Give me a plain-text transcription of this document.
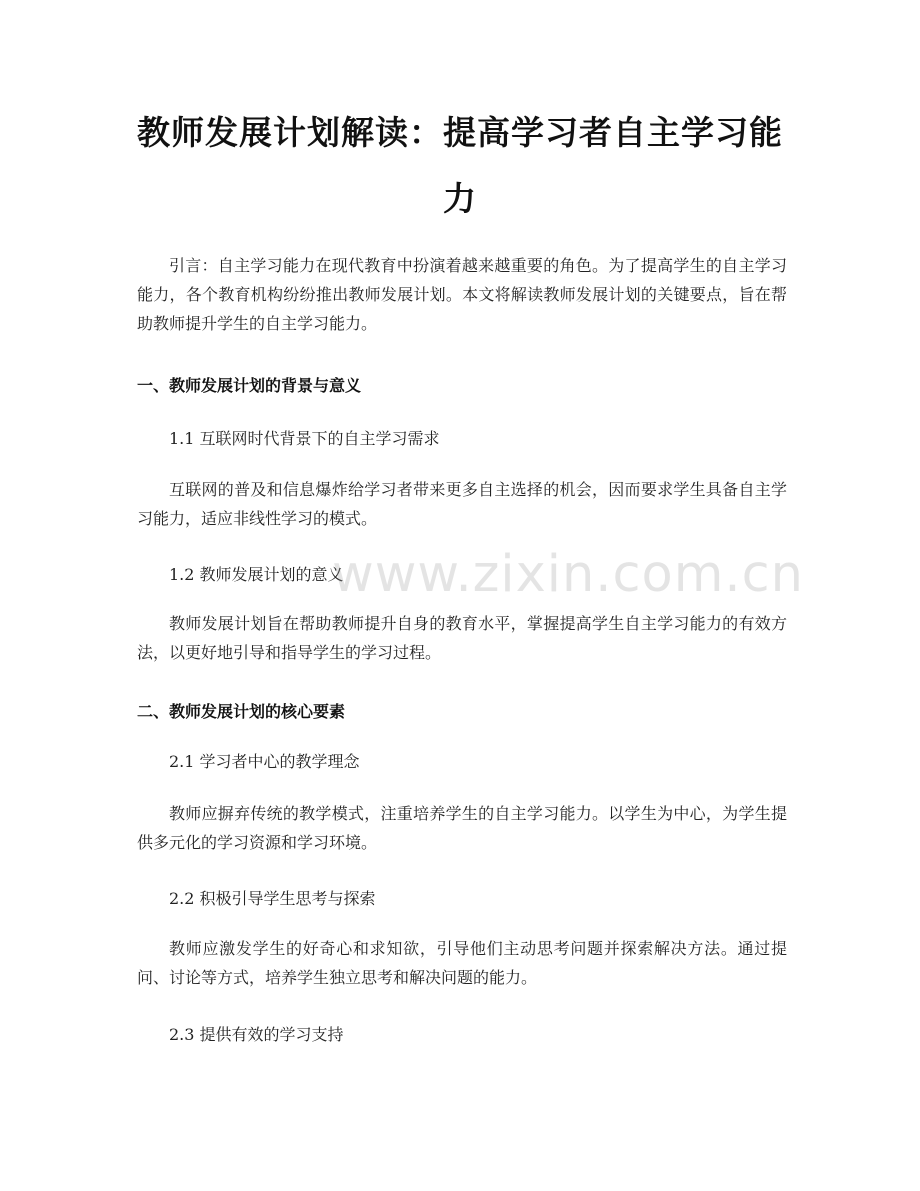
教师发展计划解读：提高学习者自主学习能力

引言：自主学习能力在现代教育中扮演着越来越重要的角色。为了提高学生的自主学习能力，各个教育机构纷纷推出教师发展计划。本文将解读教师发展计划的关键要点，旨在帮助教师提升学生的自主学习能力。

一、教师发展计划的背景与意义

1.1 互联网时代背景下的自主学习需求

互联网的普及和信息爆炸给学习者带来更多自主选择的机会，因而要求学生具备自主学习能力，适应非线性学习的模式。

1.2 教师发展计划的意义

教师发展计划旨在帮助教师提升自身的教育水平，掌握提高学生自主学习能力的有效方法，以更好地引导和指导学生的学习过程。

二、教师发展计划的核心要素

2.1 学习者中心的教学理念

教师应摒弃传统的教学模式，注重培养学生的自主学习能力。以学生为中心，为学生提供多元化的学习资源和学习环境。

2.2 积极引导学生思考与探索

教师应激发学生的好奇心和求知欲，引导他们主动思考问题并探索解决方法。通过提问、讨论等方式，培养学生独立思考和解决问题的能力。

2.3 提供有效的学习支持

www.zixin.com.cn
